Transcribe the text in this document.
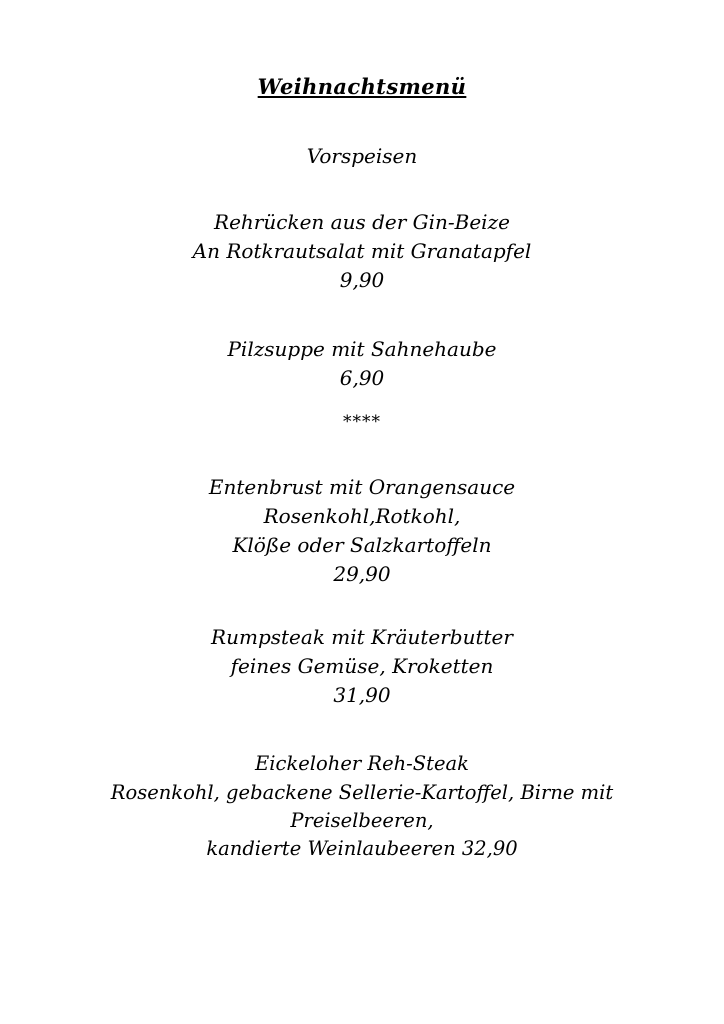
Weihnachtsmenü
Vorspeisen
Rehrücken aus der Gin-Beize
An Rotkrautsalat mit Granatapfel
9,90
Pilzsuppe mit Sahnehaube
6,90
****
Entenbrust mit Orangensauce
Rosenkohl,Rotkohl,
Klöße oder Salzkartoffeln
29,90
Rumpsteak mit Kräuterbutter
feines Gemüse, Kroketten
31,90
Eickeloher Reh-Steak
Rosenkohl, gebackene Sellerie-Kartoffel, Birne mit Preiselbeeren,
kandierte Weinlaubeeren 32,90
